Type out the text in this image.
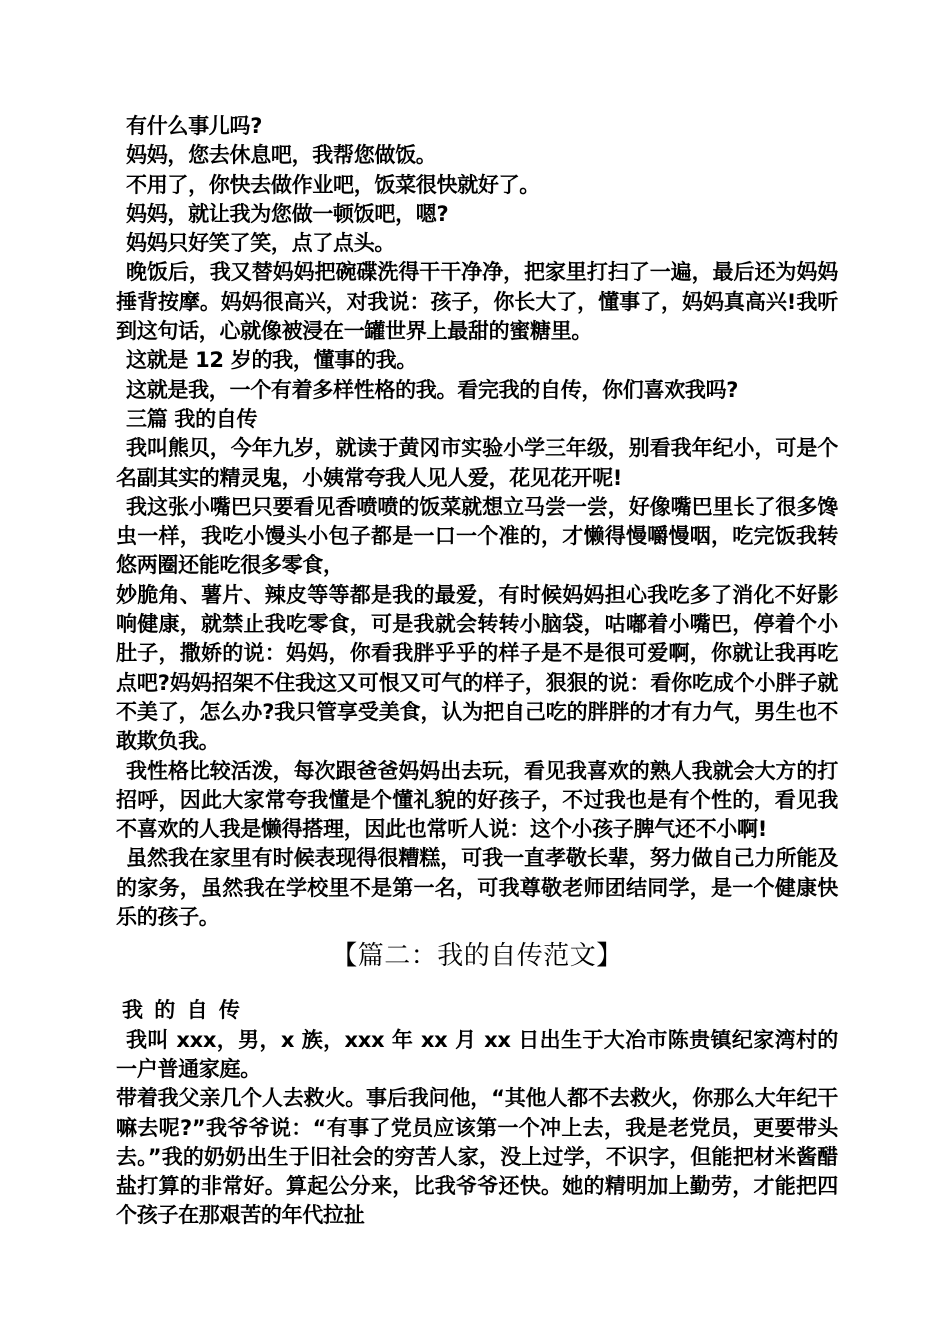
有什么事儿吗?

妈妈，您去休息吧，我帮您做饭。

不用了，你快去做作业吧，饭菜很快就好了。

妈妈，就让我为您做一顿饭吧，嗯?

妈妈只好笑了笑，点了点头。

晚饭后，我又替妈妈把碗碟洗得干干净净，把家里打扫了一遍，最后还为妈妈捶背按摩。妈妈很高兴，对我说：孩子，你长大了，懂事了，妈妈真高兴!我听到这句话，心就像被浸在一罐世界上最甜的蜜糖里。

这就是 12 岁的我，懂事的我。

这就是我，一个有着多样性格的我。看完我的自传，你们喜欢我吗?

三篇 我的自传

我叫熊贝，今年九岁，就读于黄冈市实验小学三年级，别看我年纪小，可是个名副其实的精灵鬼，小姨常夸我人见人爱，花见花开呢!

我这张小嘴巴只要看见香喷喷的饭菜就想立马尝一尝，好像嘴巴里长了很多馋虫一样，我吃小馒头小包子都是一口一个准的，才懒得慢嚼慢咽，吃完饭我转悠两圈还能吃很多零食，

妙脆角、薯片、辣皮等等都是我的最爱，有时候妈妈担心我吃多了消化不好影响健康，就禁止我吃零食，可是我就会转转小脑袋，咕嘟着小嘴巴，停着个小肚子，撒娇的说：妈妈，你看我胖乎乎的样子是不是很可爱啊，你就让我再吃点吧?妈妈招架不住我这又可恨又可气的样子，狠狠的说：看你吃成个小胖子就不美了，怎么办?我只管享受美食，认为把自己吃的胖胖的才有力气，男生也不敢欺负我。

我性格比较活泼，每次跟爸爸妈妈出去玩，看见我喜欢的熟人我就会大方的打招呼，因此大家常夸我懂是个懂礼貌的好孩子，不过我也是有个性的，看见我不喜欢的人我是懒得搭理，因此也常听人说：这个小孩子脾气还不小啊!

虽然我在家里有时候表现得很糟糕，可我一直孝敬长辈，努力做自己力所能及的家务，虽然我在学校里不是第一名，可我尊敬老师团结同学，是一个健康快乐的孩子。

【篇二：我的自传范文】

我 的 自 传

我叫 xxx，男，x 族，xxx 年 xx 月 xx 日出生于大冶市陈贵镇纪家湾村的一户普通家庭。

带着我父亲几个人去救火。事后我问他，“其他人都不去救火，你那么大年纪干嘛去呢?”我爷爷说：“有事了党员应该第一个冲上去，我是老党员，更要带头去。”我的奶奶出生于旧社会的穷苦人家，没上过学，不识字，但能把材米酱醋盐打算的非常好。算起公分来，比我爷爷还快。她的精明加上勤劳，才能把四个孩子在那艰苦的年代拉扯
